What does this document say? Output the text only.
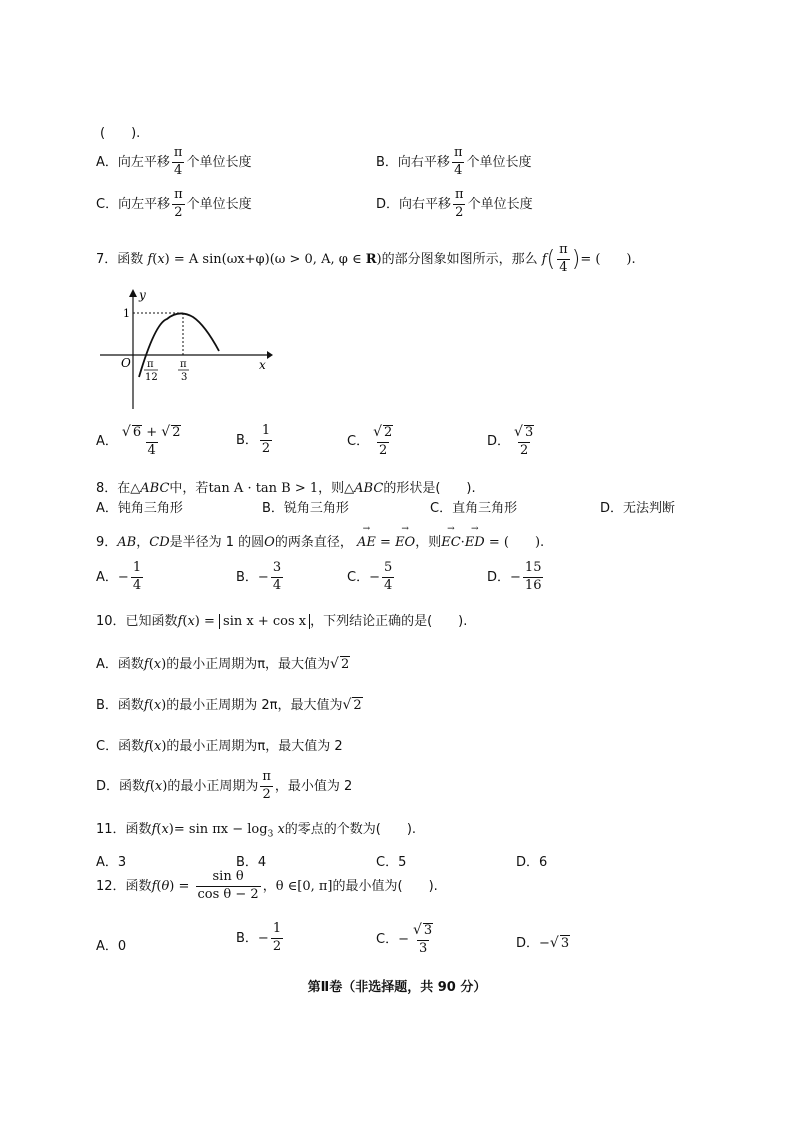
(　　).
A．向左平移 $\frac{\pi}{4}$ 个单位长度	B．向右平移 $\frac{\pi}{4}$ 个单位长度
C．向左平移 $\frac{\pi}{2}$ 个单位长度	D．向右平移 $\frac{\pi}{2}$ 个单位长度
7．函数 f(x) = A sin(ωx+φ)(ω > 0, A, φ ∈ R)的部分图象如图所示，那么 $f( \frac{\pi}{4}$ )= (　　).
y
x
O
1
π
12
π
3
A． $\frac{√ 6 + √ 2}{4}$	B． $\frac{1}{2}$	C． $\frac{√ 2}{2}$	D． $\frac{√ 3}{2}$
8．在△ABC中，若tan A · tan B > 1，则△ABC的形状是(　　).
A．钝角三角形	B．锐角三角形	C．直角三角形	D．无法判断
9．AB，CD是半径为 1 的圆O的两条直径， → AE = → EO，则→ EC·→ ED = (　　).
A．− $\frac{1}{4}$	B．− $\frac{3}{4}$	C．− $\frac{5}{4}$	D．− $\frac{15}{16}$
10．已知函数f(x) = sin x + cos x ，下列结论正确的是(　　).
A．函数f(x)的最小正周期为π，最大值为√ 2
B．函数f(x)的最小正周期为 2π，最大值为√ 2
C．函数f(x)的最小正周期为π，最大值为 2
D．函数f(x)的最小正周期为 $\frac{\pi}{2}$ ，最小值为 2
11．函数$f(x)= \sin \pi x - \log_3 x$的零点的个数为(　　).
A．3	B．4	C．5	D．6
12．函数$f(\theta) = \frac{\text{sin θ}}{\text{cos θ − 2}}$ ，θ ∈[0, π]的最小值为(　　).
A．0
B．− $\frac{1}{2}$	C．− $\frac{√ 3}{3}$	D．−√ 3
第Ⅱ卷（非选择题，共 90 分）
